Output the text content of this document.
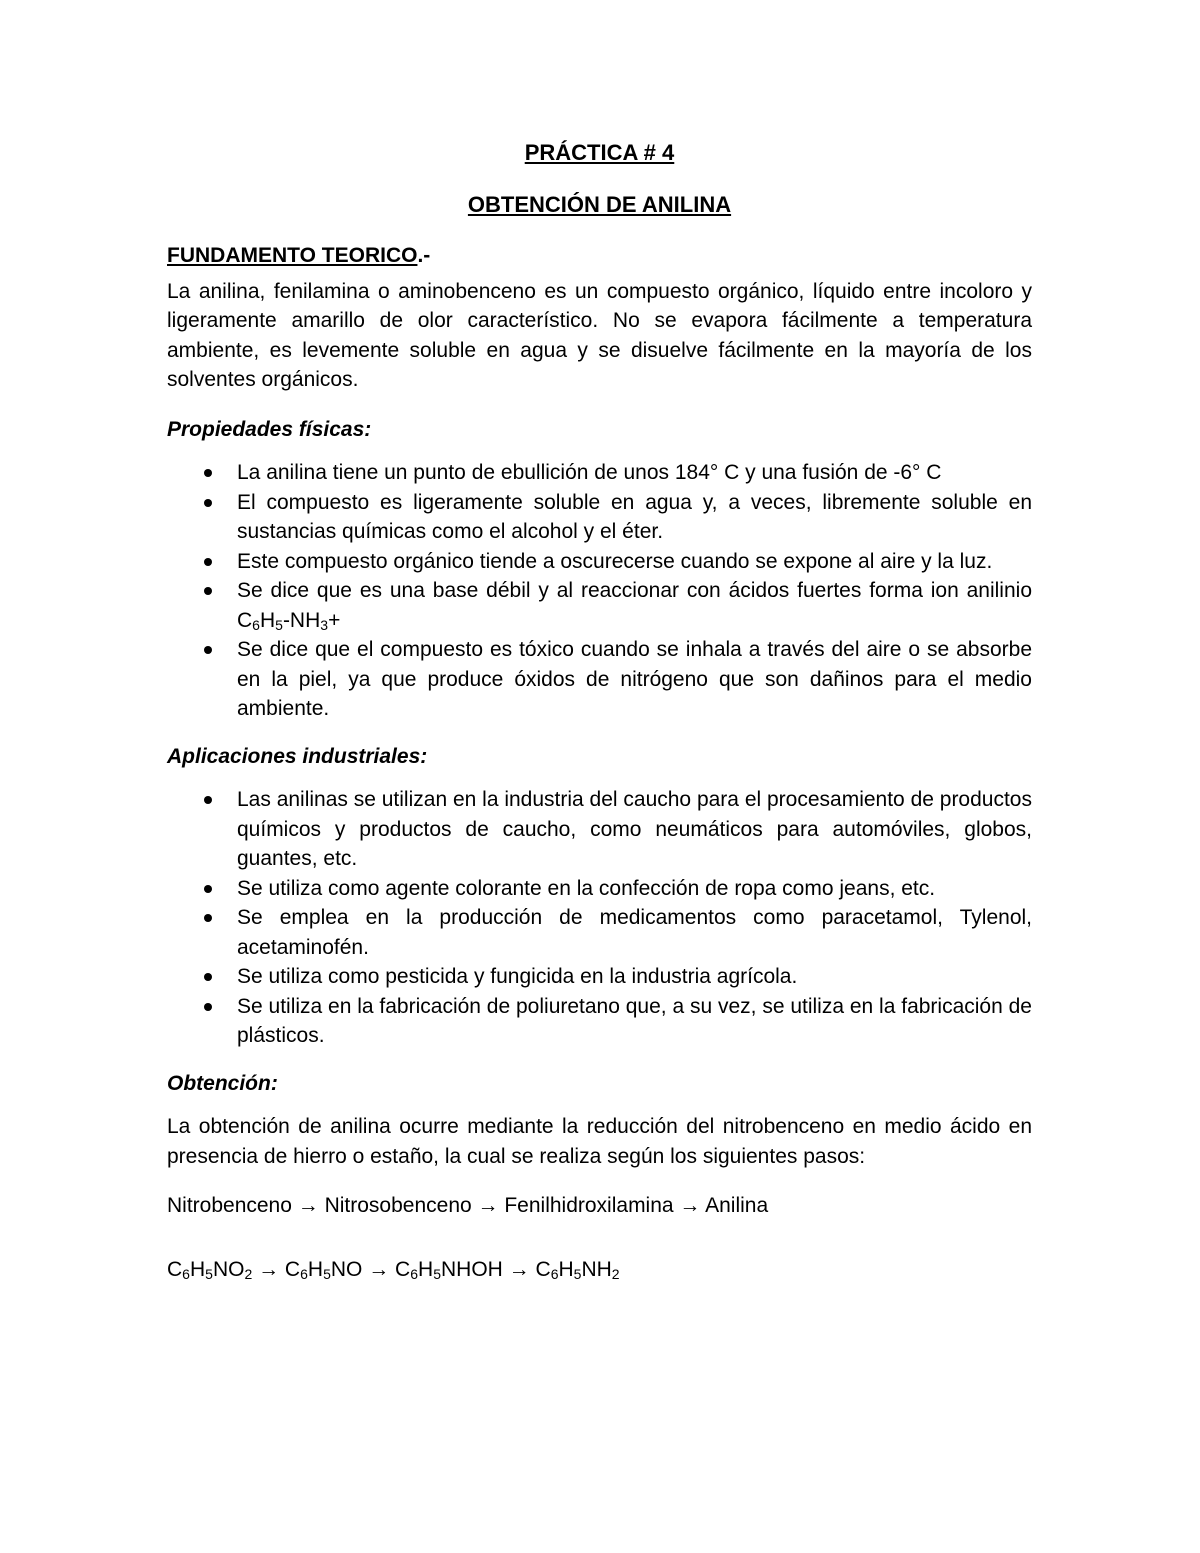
PRÁCTICA # 4

OBTENCIÓN DE ANILINA

FUNDAMENTO TEORICO.-

La anilina, fenilamina o aminobenceno es un compuesto orgánico, líquido entre incoloro y ligeramente amarillo de olor característico. No se evapora fácilmente a temperatura ambiente, es levemente soluble en agua y se disuelve fácilmente en la mayoría de los solventes orgánicos.

Propiedades físicas:

La anilina tiene un punto de ebullición de unos 184° C y una fusión de -6° C
El compuesto es ligeramente soluble en agua y, a veces, libremente soluble en sustancias químicas como el alcohol y el éter.
Este compuesto orgánico tiende a oscurecerse cuando se expone al aire y la luz.
Se dice que es una base débil y al reaccionar con ácidos fuertes forma ion anilinio $C_6H_5-NH_3+$
Se dice que el compuesto es tóxico cuando se inhala a través del aire o se absorbe en la piel, ya que produce óxidos de nitrógeno que son dañinos para el medio ambiente.

Aplicaciones industriales:

Las anilinas se utilizan en la industria del caucho para el procesamiento de productos químicos y productos de caucho, como neumáticos para automóviles, globos, guantes, etc.
Se utiliza como agente colorante en la confección de ropa como jeans, etc.
Se emplea en la producción de medicamentos como paracetamol, Tylenol, acetaminofén.
Se utiliza como pesticida y fungicida en la industria agrícola.
Se utiliza en la fabricación de poliuretano que, a su vez, se utiliza en la fabricación de plásticos.

Obtención:

La obtención de anilina ocurre mediante la reducción del nitrobenceno en medio ácido en presencia de hierro o estaño, la cual se realiza según los siguientes pasos:

Nitrobenceno → Nitrosobenceno → Fenilhidroxilamina → Anilina

$C_6H_5NO_2 \to C_6H_5NO$ → $C_6H_5NHOH \to C_6H_5NH_2$
